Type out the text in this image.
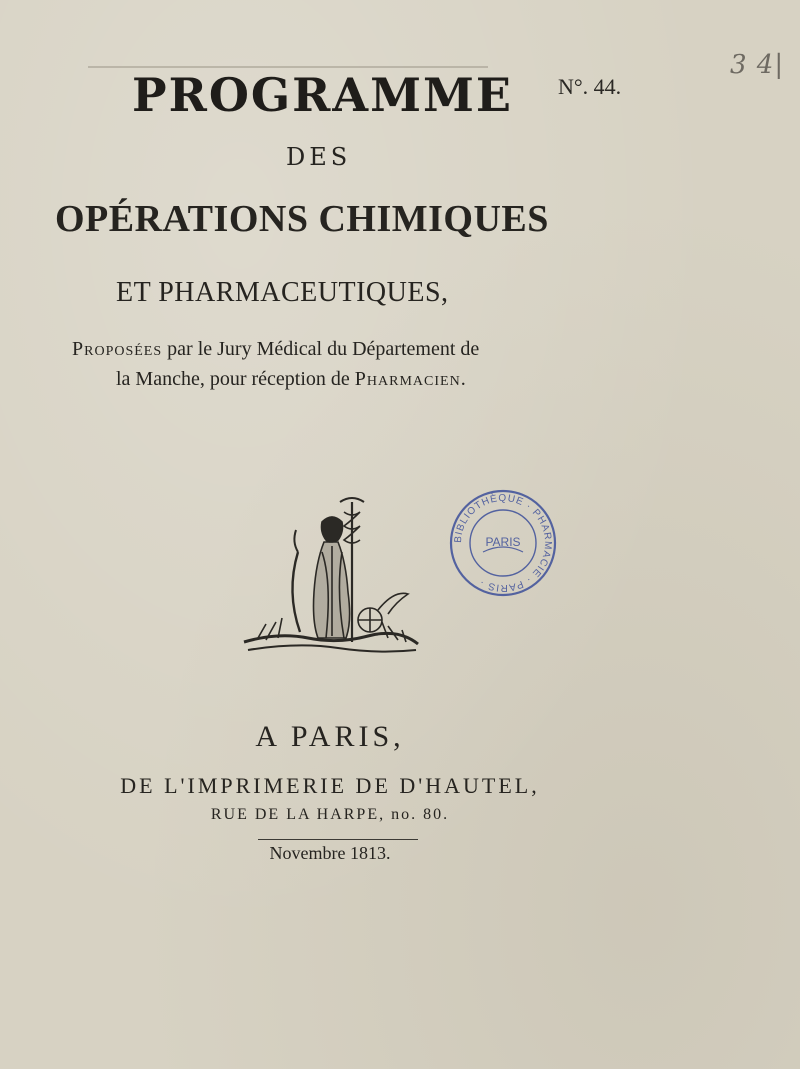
PROGRAMME N°. 44.
3 4|
DES
OPÉRATIONS CHIMIQUES
ET PHARMACEUTIQUES,
Proposées par le Jury Médical du Département de
la Manche, pour réception de Pharmacien.
BIBLIOTHÈQUE · PHARMACIE · PARIS ·
PARIS
A PARIS,
DE L'IMPRIMERIE DE D'HAUTEL,
RUE DE LA HARPE, no. 80.
Novembre 1813.
